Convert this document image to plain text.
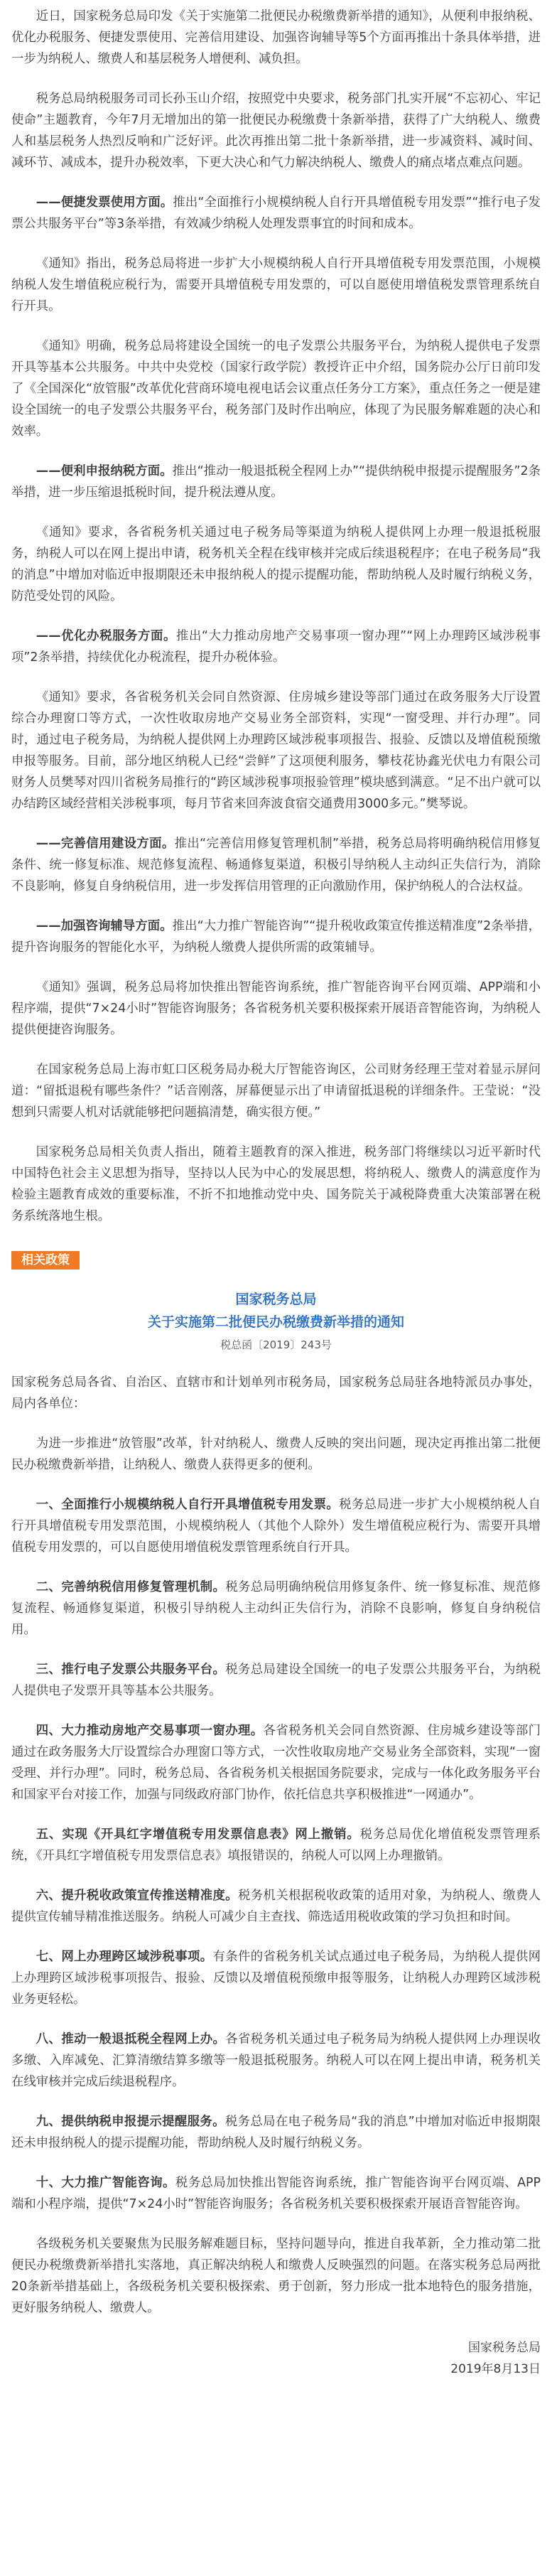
近日，国家税务总局印发《关于实施第二批便民办税缴费新举措的通知》，从便利申报纳税、优化办税服务、便捷发票使用、完善信用建设、加强咨询辅导等5个方面再推出十条具体举措，进一步为纳税人、缴费人和基层税务人增便利、减负担。

税务总局纳税服务司司长孙玉山介绍，按照党中央要求，税务部门扎实开展“不忘初心、牢记使命”主题教育，今年7月无增加出的第一批便民办税缴费十条新举措，获得了广大纳税人、缴费人和基层税务人热烈反响和广泛好评。此次再推出第二批十条新举措，进一步减资料、减时间、减环节、减成本，提升办税效率，下更大决心和气力解决纳税人、缴费人的痛点堵点难点问题。

——便捷发票使用方面。推出“全面推行小规模纳税人自行开具增值税专用发票”“推行电子发票公共服务平台”等3条举措，有效减少纳税人处理发票事宜的时间和成本。

《通知》指出，税务总局将进一步扩大小规模纳税人自行开具增值税专用发票范围，小规模纳税人发生增值税应税行为，需要开具增值税专用发票的，可以自愿使用增值税发票管理系统自行开具。

《通知》明确，税务总局将建设全国统一的电子发票公共服务平台，为纳税人提供电子发票开具等基本公共服务。中共中央党校（国家行政学院）教授许正中介绍，国务院办公厅日前印发了《全国深化“放管服”改革优化营商环境电视电话会议重点任务分工方案》，重点任务之一便是建设全国统一的电子发票公共服务平台，税务部门及时作出响应，体现了为民服务解难题的决心和效率。

——便利申报纳税方面。推出“推动一般退抵税全程网上办”“提供纳税申报提示提醒服务”2条举措，进一步压缩退抵税时间，提升税法遵从度。

《通知》要求，各省税务机关通过电子税务局等渠道为纳税人提供网上办理一般退抵税服务，纳税人可以在网上提出申请，税务机关全程在线审核并完成后续退税程序；在电子税务局“我的消息”中增加对临近申报期限还未申报纳税人的提示提醒功能，帮助纳税人及时履行纳税义务，防范受处罚的风险。

——优化办税服务方面。推出“大力推动房地产交易事项一窗办理”“网上办理跨区域涉税事项”2条举措，持续优化办税流程，提升办税体验。

《通知》要求，各省税务机关会同自然资源、住房城乡建设等部门通过在政务服务大厅设置综合办理窗口等方式，一次性收取房地产交易业务全部资料，实现“一窗受理、并行办理”。同时，通过电子税务局，为纳税人提供网上办理跨区域涉税事项报告、报验、反馈以及增值税预缴申报等服务。目前，部分地区纳税人已经“尝鲜”了这项便利服务，攀枝花协鑫光伏电力有限公司财务人员樊琴对四川省税务局推行的“跨区域涉税事项报验管理”模块感到满意。“足不出户就可以办结跨区域经营相关涉税事项，每月节省来回奔波食宿交通费用3000多元。”樊琴说。

——完善信用建设方面。推出“完善信用修复管理机制”举措，税务总局将明确纳税信用修复条件、统一修复标准、规范修复流程、畅通修复渠道，积极引导纳税人主动纠正失信行为，消除不良影响，修复自身纳税信用，进一步发挥信用管理的正向激励作用，保护纳税人的合法权益。

——加强咨询辅导方面。推出“大力推广智能咨询”“提升税收政策宣传推送精准度”2条举措，提升咨询服务的智能化水平，为纳税人缴费人提供所需的政策辅导。

《通知》强调，税务总局将加快推出智能咨询系统，推广智能咨询平台网页端、APP端和小程序端，提供“7×24小时”智能咨询服务；各省税务机关要积极探索开展语音智能咨询，为纳税人提供便捷咨询服务。

在国家税务总局上海市虹口区税务局办税大厅智能咨询区，公司财务经理王莹对着显示屏问道：“留抵退税有哪些条件？”话音刚落，屏幕便显示出了申请留抵退税的详细条件。王莹说：“没想到只需要人机对话就能够把问题搞清楚，确实很方便。”

国家税务总局相关负责人指出，随着主题教育的深入推进，税务部门将继续以习近平新时代中国特色社会主义思想为指导，坚持以人民为中心的发展思想，将纳税人、缴费人的满意度作为检验主题教育成效的重要标准，不折不扣地推动党中央、国务院关于减税降费重大决策部署在税务系统落地生根。

相关政策

国家税务总局

关于实施第二批便民办税缴费新举措的通知

税总函〔2019〕243号

国家税务总局各省、自治区、直辖市和计划单列市税务局，国家税务总局驻各地特派员办事处，局内各单位：

为进一步推进“放管服”改革，针对纳税人、缴费人反映的突出问题，现决定再推出第二批便民办税缴费新举措，让纳税人、缴费人获得更多的便利。

一、全面推行小规模纳税人自行开具增值税专用发票。税务总局进一步扩大小规模纳税人自行开具增值税专用发票范围，小规模纳税人（其他个人除外）发生增值税应税行为、需要开具增值税专用发票的，可以自愿使用增值税发票管理系统自行开具。

二、完善纳税信用修复管理机制。税务总局明确纳税信用修复条件、统一修复标准、规范修复流程、畅通修复渠道，积极引导纳税人主动纠正失信行为，消除不良影响，修复自身纳税信用。

三、推行电子发票公共服务平台。税务总局建设全国统一的电子发票公共服务平台，为纳税人提供电子发票开具等基本公共服务。

四、大力推动房地产交易事项一窗办理。各省税务机关会同自然资源、住房城乡建设等部门通过在政务服务大厅设置综合办理窗口等方式，一次性收取房地产交易业务全部资料，实现“一窗受理、并行办理”。同时，税务总局、各省税务机关根据国务院要求，完成与一体化政务服务平台和国家平台对接工作，加强与同级政府部门协作，依托信息共享积极推进“一网通办”。

五、实现《开具红字增值税专用发票信息表》网上撤销。税务总局优化增值税发票管理系统，《开具红字增值税专用发票信息表》填报错误的，纳税人可以网上办理撤销。

六、提升税收政策宣传推送精准度。税务机关根据税收政策的适用对象，为纳税人、缴费人提供宣传辅导精准推送服务。纳税人可减少自主查找、筛选适用税收政策的学习负担和时间。

七、网上办理跨区域涉税事项。有条件的省税务机关试点通过电子税务局，为纳税人提供网上办理跨区域涉税事项报告、报验、反馈以及增值税预缴申报等服务，让纳税人办理跨区域涉税业务更轻松。

八、推动一般退抵税全程网上办。各省税务机关通过电子税务局为纳税人提供网上办理误收多缴、入库减免、汇算清缴结算多缴等一般退抵税服务。纳税人可以在网上提出申请，税务机关在线审核并完成后续退税程序。

九、提供纳税申报提示提醒服务。税务总局在电子税务局“我的消息”中增加对临近申报期限还未申报纳税人的提示提醒功能，帮助纳税人及时履行纳税义务。

十、大力推广智能咨询。税务总局加快推出智能咨询系统，推广智能咨询平台网页端、APP端和小程序端，提供“7×24小时”智能咨询服务；各省税务机关要积极探索开展语音智能咨询。

各级税务机关要聚焦为民服务解难题目标，坚持问题导向，推进自我革新，全力推动第二批便民办税缴费新举措扎实落地，真正解决纳税人和缴费人反映强烈的问题。在落实税务总局两批20条新举措基础上，各级税务机关要积极探索、勇于创新，努力形成一批本地特色的服务措施，更好服务纳税人、缴费人。

国家税务总局

2019年8月13日
